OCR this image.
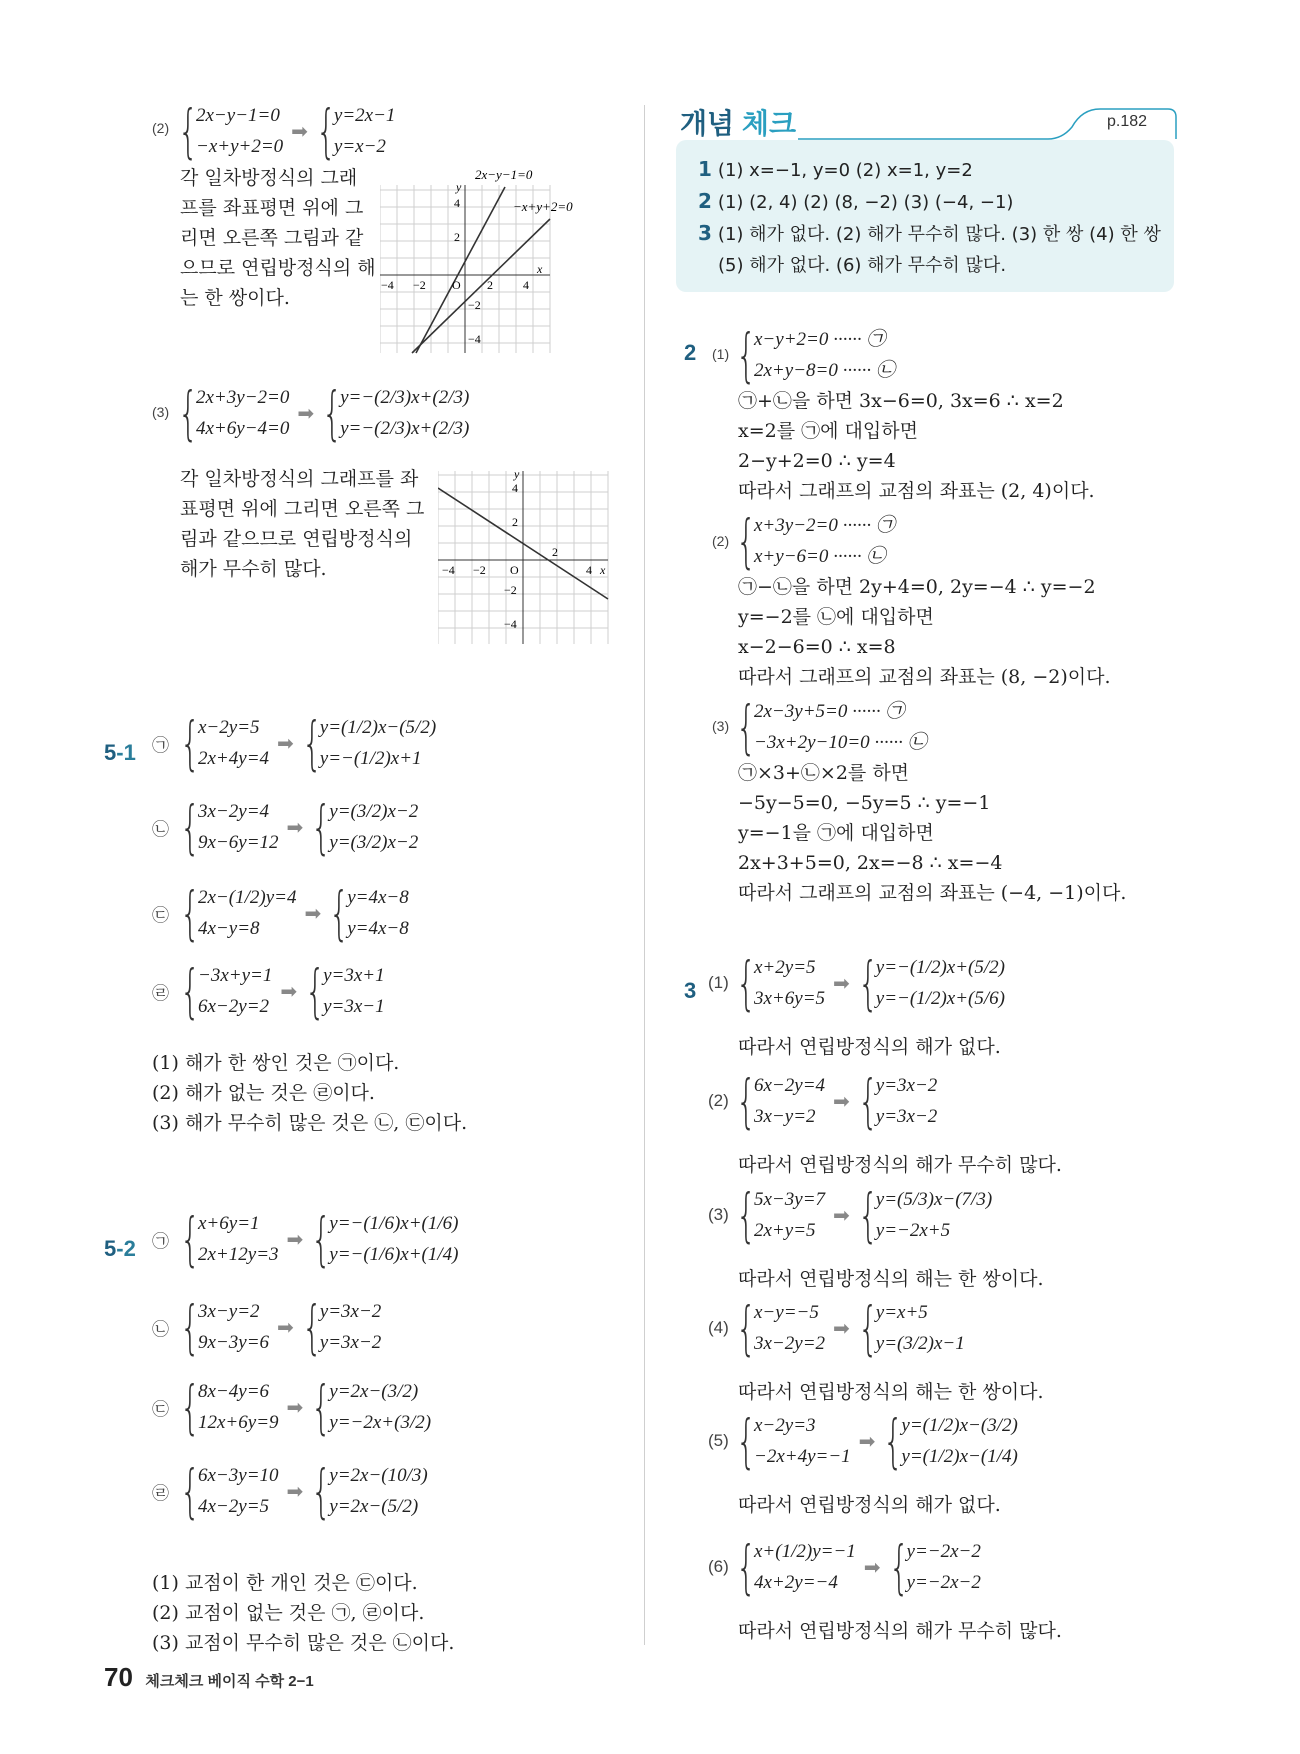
(2) {
2x−y−1=0
−x+y+2=0
➡ {
y=2x−1
y=x−2
각 일차방정식의 그래
프를 좌표평면 위에 그
리면 오른쪽 그림과 같
으므로 연립방정식의 해
는 한 쌍이다.
2x−y−1=0
−x+y+2=0
y
x
O
−4 −2	2	4
4
2
−2
−4
(3) {
2x+3y−2=0
4x+6y−4=0
➡ {
y=−(2/3)x+(2/3)
y=−(2/3)x+(2/3)
각 일차방정식의 그래프를 좌
표평면 위에 그리면 오른쪽 그
림과 같으므로 연립방정식의
해가 무수히 많다.
y
x
O
−4 −2
2
4
4
2
−2
−4
5-1 ㉠ {
x−2y=5
2x+4y=4
➡ {
y=(1/2)x−(5/2)
y=−(1/2)x+1
㉡ {
3x−2y=4
9x−6y=12
➡ {
y=(3/2)x−2
y=(3/2)x−2
㉢ {
2x−(1/2)y=4
4x−y=8
➡ {
y=4x−8
y=4x−8
㉣ {
−3x+y=1
6x−2y=2
➡ {
y=3x+1
y=3x−1
(1) 해가 한 쌍인 것은 ㉠이다.
(2) 해가 없는 것은 ㉣이다.
(3) 해가 무수히 많은 것은 ㉡, ㉢이다.
5-2 ㉠ {
x+6y=1
2x+12y=3
➡ {
y=−(1/6)x+(1/6)
y=−(1/6)x+(1/4)
㉡ {
3x−y=2
9x−3y=6
➡ {
y=3x−2
y=3x−2
㉢ {
8x−4y=6
12x+6y=9
➡ {
y=2x−(3/2)
y=−2x+(3/2)
㉣ {
6x−3y=10
4x−2y=5
➡ {
y=2x−(10/3)
y=2x−(5/2)
(1) 교점이 한 개인 것은 ㉢이다.
(2) 교점이 없는 것은 ㉠, ㉣이다.
(3) 교점이 무수히 많은 것은 ㉡이다.
개념 체크	p.182
1 (1) x=−1, y=0 (2) x=1, y=2
2 (1) (2, 4) (2) (8, −2) (3) (−4, −1)
3 (1) 해가 없다. (2) 해가 무수히 많다. (3) 한 쌍 (4) 한 쌍
(5) 해가 없다. (6) 해가 무수히 많다.
2 (1) {
x−y+2=0 ······ ㉠
2x+y−8=0 ······ ㉡
㉠+㉡을 하면 3x−6=0, 3x=6 ∴ x=2
x=2를 ㉠에 대입하면
2−y+2=0 ∴ y=4
따라서 그래프의 교점의 좌표는 (2, 4)이다.
(2) {
x+3y−2=0 ······ ㉠
x+y−6=0 ······ ㉡
㉠−㉡을 하면 2y+4=0, 2y=−4 ∴ y=−2
y=−2를 ㉡에 대입하면
x−2−6=0 ∴ x=8
따라서 그래프의 교점의 좌표는 (8, −2)이다.
(3) {
2x−3y+5=0 ······ ㉠
−3x+2y−10=0 ······ ㉡
㉠×3+㉡×2를 하면
−5y−5=0, −5y=5 ∴ y=−1
y=−1을 ㉠에 대입하면
2x+3+5=0, 2x=−8 ∴ x=−4
따라서 그래프의 교점의 좌표는 (−4, −1)이다.
3 (1) {
x+2y=5
3x+6y=5
➡ {
y=−(1/2)x+(5/2)
y=−(1/2)x+(5/6)
따라서 연립방정식의 해가 없다.
(2) {
6x−2y=4
3x−y=2
➡ {
y=3x−2
y=3x−2
따라서 연립방정식의 해가 무수히 많다.
(3) {
5x−3y=7
2x+y=5
➡ {
y=(5/3)x−(7/3)
y=−2x+5
따라서 연립방정식의 해는 한 쌍이다.
(4) {
x−y=−5
3x−2y=2
➡ {
y=x+5
y=(3/2)x−1
따라서 연립방정식의 해는 한 쌍이다.
(5) {
x−2y=3
−2x+4y=−1
➡ {
y=(1/2)x−(3/2)
y=(1/2)x−(1/4)
따라서 연립방정식의 해가 없다.
(6) {
x+(1/2)y=−1
4x+2y=−4
➡ {
y=−2x−2
y=−2x−2
따라서 연립방정식의 해가 무수히 많다.
70 체크체크 베이직 수학 2−1
